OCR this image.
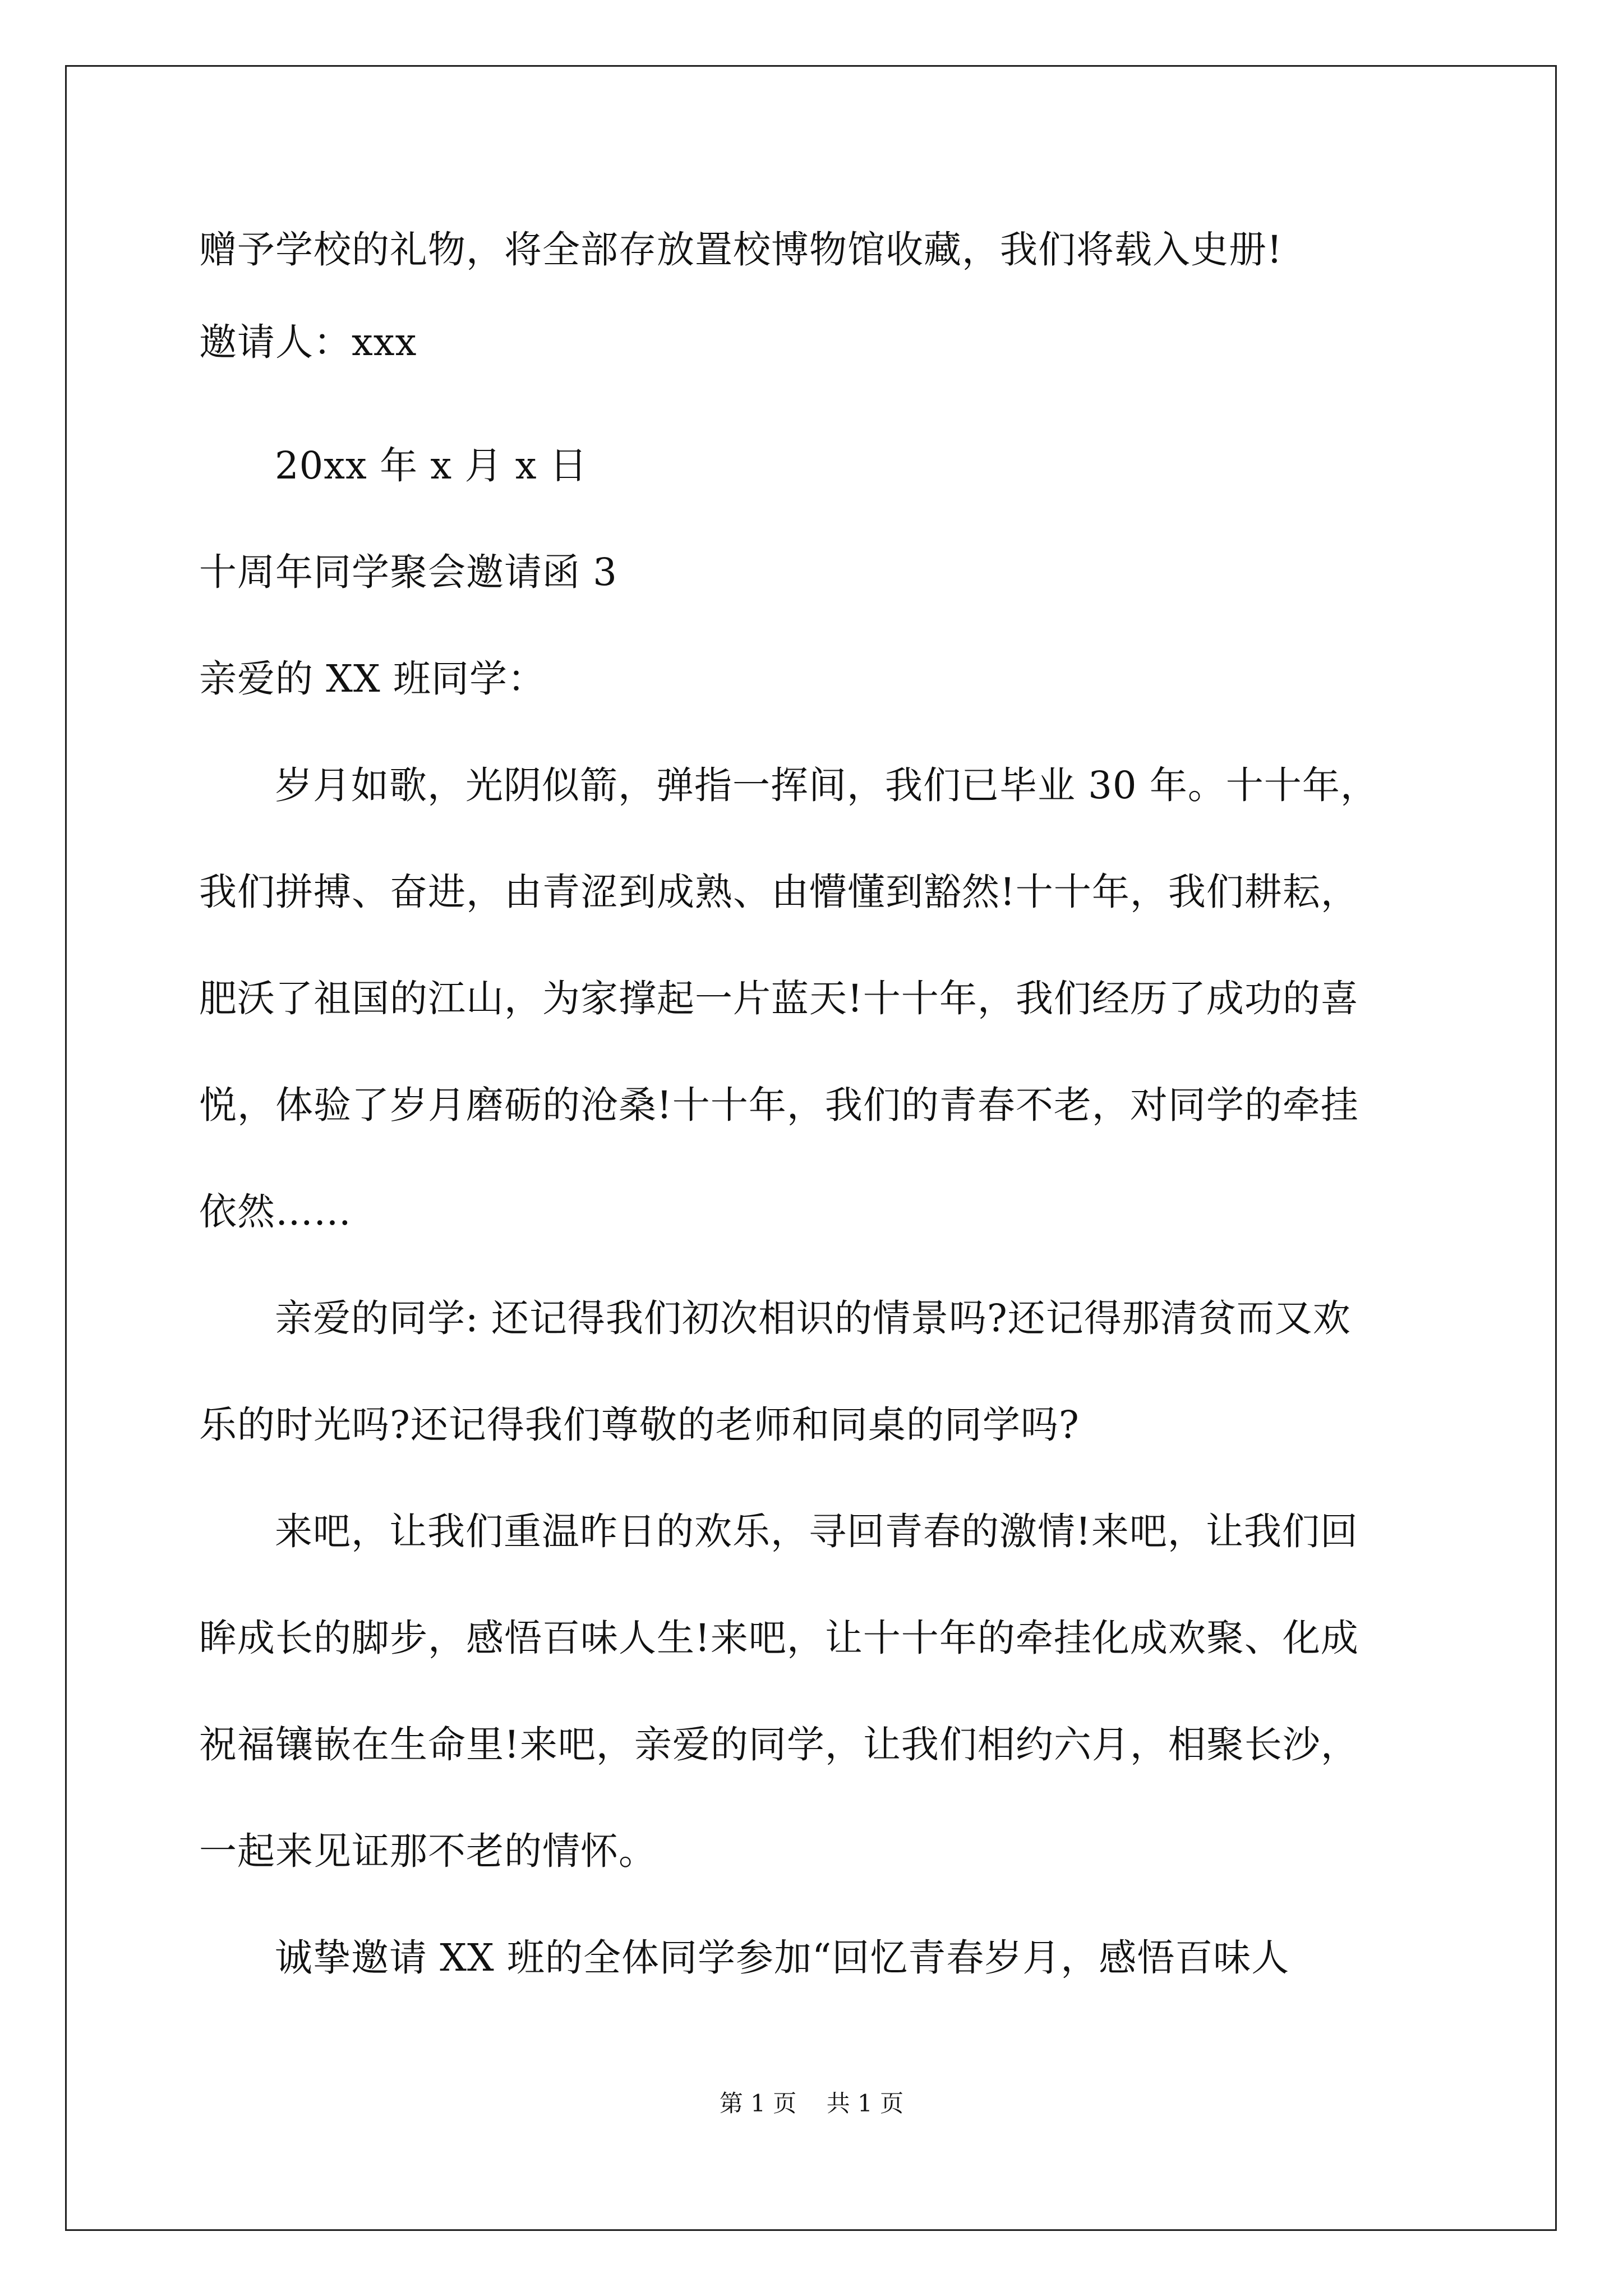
赠予学校的礼物，将全部存放置校博物馆收藏，我们将载入史册!
邀请人：xxx
20xx 年 x 月 x 日
十周年同学聚会邀请函 3
亲爱的 XX 班同学：
岁月如歌，光阴似箭，弹指一挥间，我们已毕业 30 年。十十年，
我们拼搏、奋进，由青涩到成熟、由懵懂到豁然!十十年，我们耕耘，
肥沃了祖国的江山，为家撑起一片蓝天!十十年，我们经历了成功的喜
悦，体验了岁月磨砺的沧桑!十十年，我们的青春不老，对同学的牵挂
依然……
亲爱的同学: 还记得我们初次相识的情景吗?还记得那清贫而又欢
乐的时光吗?还记得我们尊敬的老师和同桌的同学吗?
来吧，让我们重温昨日的欢乐，寻回青春的激情!来吧，让我们回
眸成长的脚步，感悟百味人生!来吧，让十十年的牵挂化成欢聚、化成
祝福镶嵌在生命里!来吧，亲爱的同学，让我们相约六月，相聚长沙，
一起来见证那不老的情怀。
诚挚邀请 XX 班的全体同学参加“回忆青春岁月，感悟百味人
第 1 页    共 1 页
